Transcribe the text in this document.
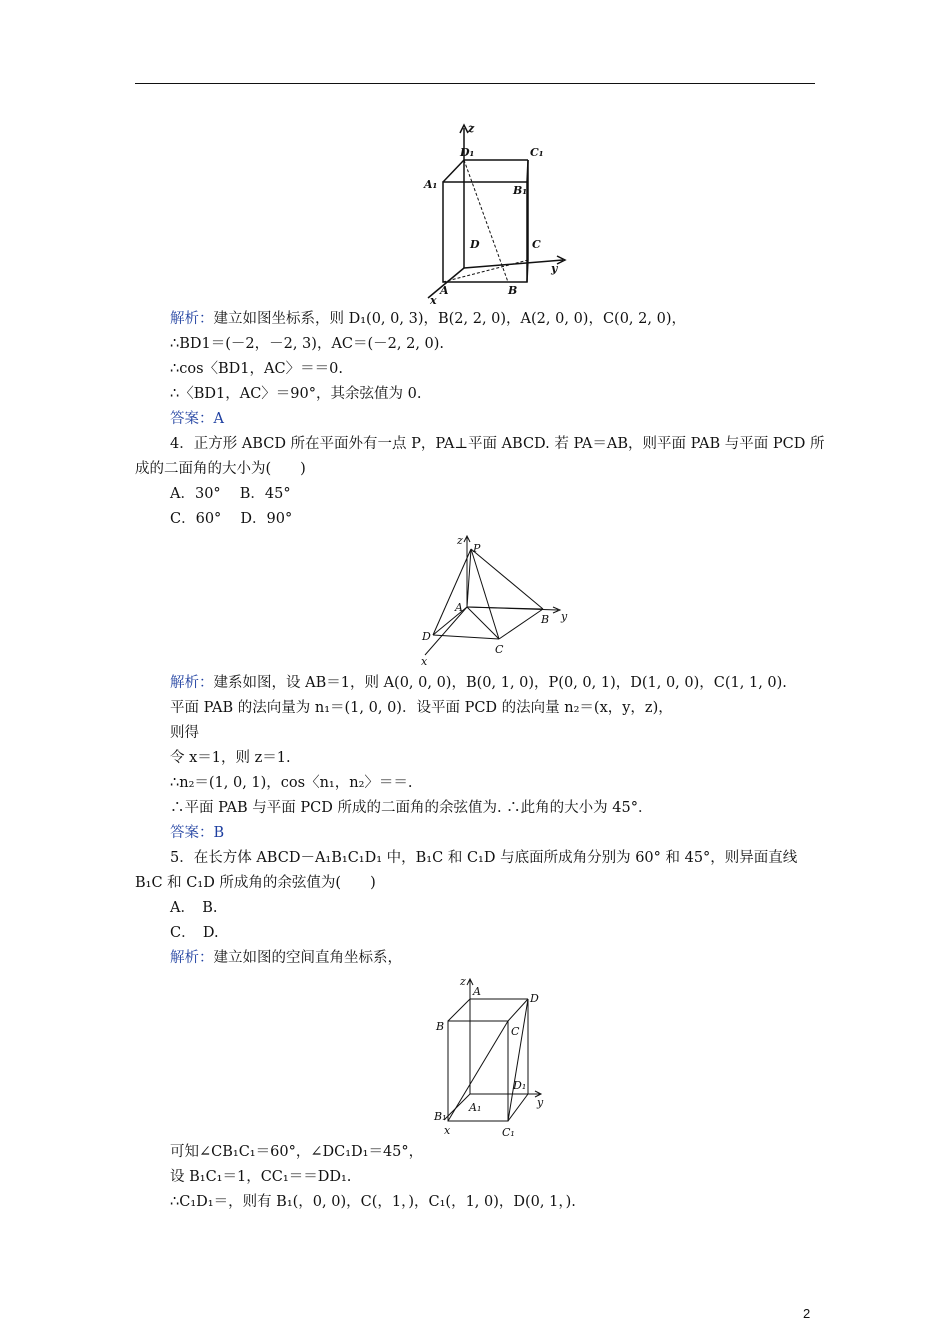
z
D₁	C₁
A₁	B₁
D	C
y
A	B
x
解析：建立如图坐标系，则 D₁(0, 0, 3)，B(2, 2, 0)，A(2, 0, 0)，C(0, 2, 0)，
∴BD1＝(－2，－2, 3)，AC＝(－2, 2, 0).
∴cos〈BD1，AC〉＝＝0.
∴〈BD1，AC〉＝90°，其余弦值为 0.
答案：A
4．正方形 ABCD 所在平面外有一点 P，PA⊥平面 ABCD. 若 PA＝AB，则平面 PAB 与平面 PCD 所
成的二面角的大小为(　　)
A．30°　 B．45°
C．60°　 D．90°
z
P
A
B y
D
C
x
解析：建系如图，设 AB＝1，则 A(0, 0, 0)，B(0, 1, 0)，P(0, 0, 1)，D(1, 0, 0)，C(1, 1, 0).
平面 PAB 的法向量为 n₁＝(1, 0, 0)．设平面 PCD 的法向量 n₂＝(x，y，z)，
则得
令 x＝1，则 z＝1.
∴n₂＝(1, 0, 1)，cos〈n₁，n₂〉＝＝.
∴平面 PAB 与平面 PCD 所成的二面角的余弦值为. ∴此角的大小为 45°．
答案：B
5．在长方体 ABCD－A₁B₁C₁D₁ 中，B₁C 和 C₁D 与底面所成角分别为 60° 和 45°，则异面直线
B₁C 和 C₁D 所成角的余弦值为(　　)
A．　B.
C．　D.
解析：建立如图的空间直角坐标系，
z
A
D
B	C
D₁
y
A₁
B₁
x	C₁
可知∠CB₁C₁＝60°，∠DC₁D₁＝45°，
设 B₁C₁＝1，CC₁＝＝DD₁.
∴C₁D₁＝，则有 B₁(，0, 0)，C(，1，)，C₁(，1, 0)，D(0, 1，).
2
